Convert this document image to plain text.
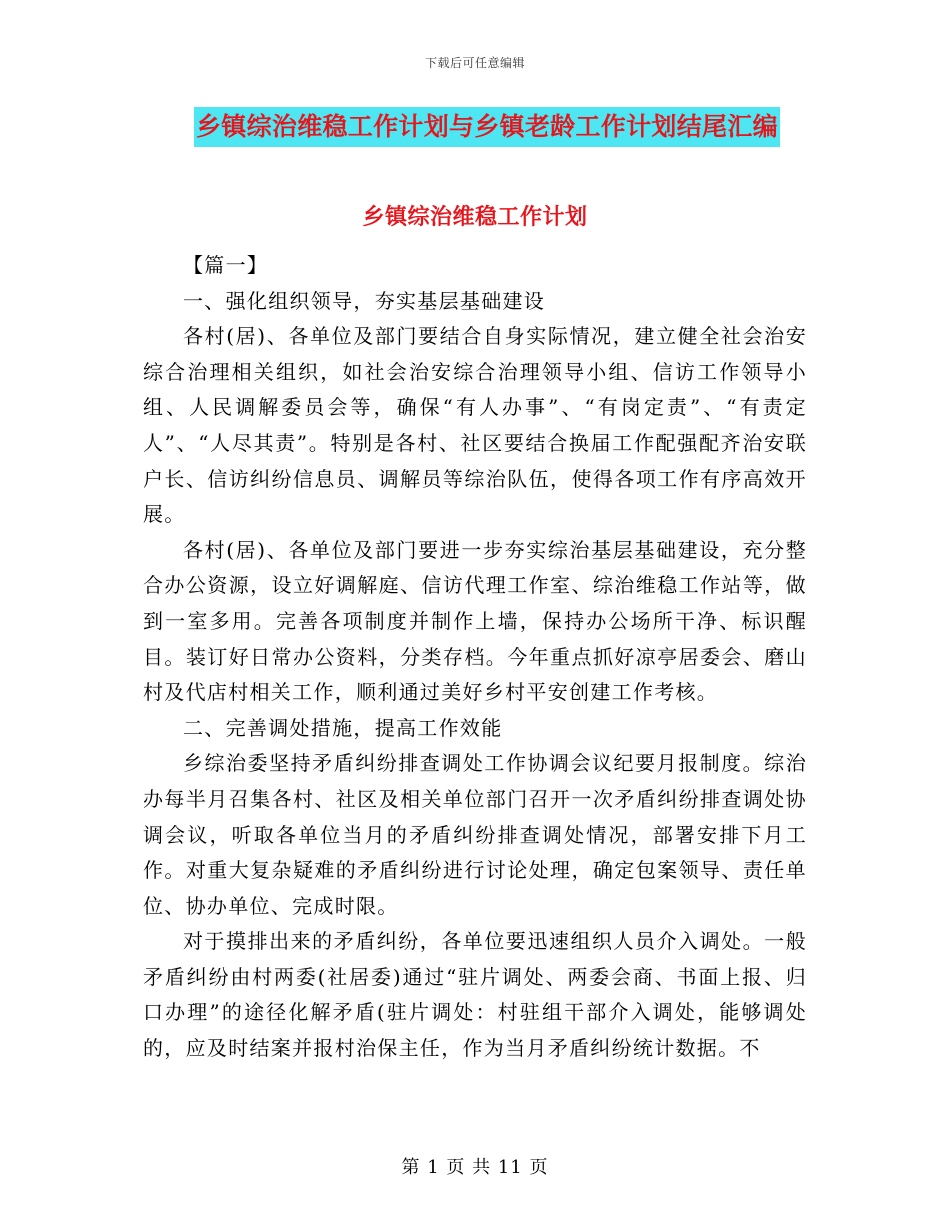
下载后可任意编辑
乡镇综治维稳工作计划与乡镇老龄工作计划结尾汇编
乡镇综治维稳工作计划

【篇一】

一、强化组织领导，夯实基层基础建设

各村(居)、各单位及部门要结合自身实际情况，建立健全社会治安综合治理相关组织，如社会治安综合治理领导小组、信访工作领导小组、人民调解委员会等，确保“有人办事”、“有岗定责”、“有责定人”、“人尽其责”。特别是各村、社区要结合换届工作配强配齐治安联户长、信访纠纷信息员、调解员等综治队伍，使得各项工作有序高效开展。

各村(居)、各单位及部门要进一步夯实综治基层基础建设，充分整合办公资源，设立好调解庭、信访代理工作室、综治维稳工作站等，做到一室多用。完善各项制度并制作上墙，保持办公场所干净、标识醒目。装订好日常办公资料，分类存档。今年重点抓好凉亭居委会、磨山村及代店村相关工作，顺利通过美好乡村平安创建工作考核。

二、完善调处措施，提高工作效能

乡综治委坚持矛盾纠纷排查调处工作协调会议纪要月报制度。综治办每半月召集各村、社区及相关单位部门召开一次矛盾纠纷排查调处协调会议，听取各单位当月的矛盾纠纷排查调处情况，部署安排下月工作。对重大复杂疑难的矛盾纠纷进行讨论处理，确定包案领导、责任单位、协办单位、完成时限。

对于摸排出来的矛盾纠纷，各单位要迅速组织人员介入调处。一般矛盾纠纷由村两委(社居委)通过“驻片调处、两委会商、书面上报、归口办理”的途径化解矛盾(驻片调处：村驻组干部介入调处，能够调处的，应及时结案并报村治保主任，作为当月矛盾纠纷统计数据。不

第 1 页 共 11 页
